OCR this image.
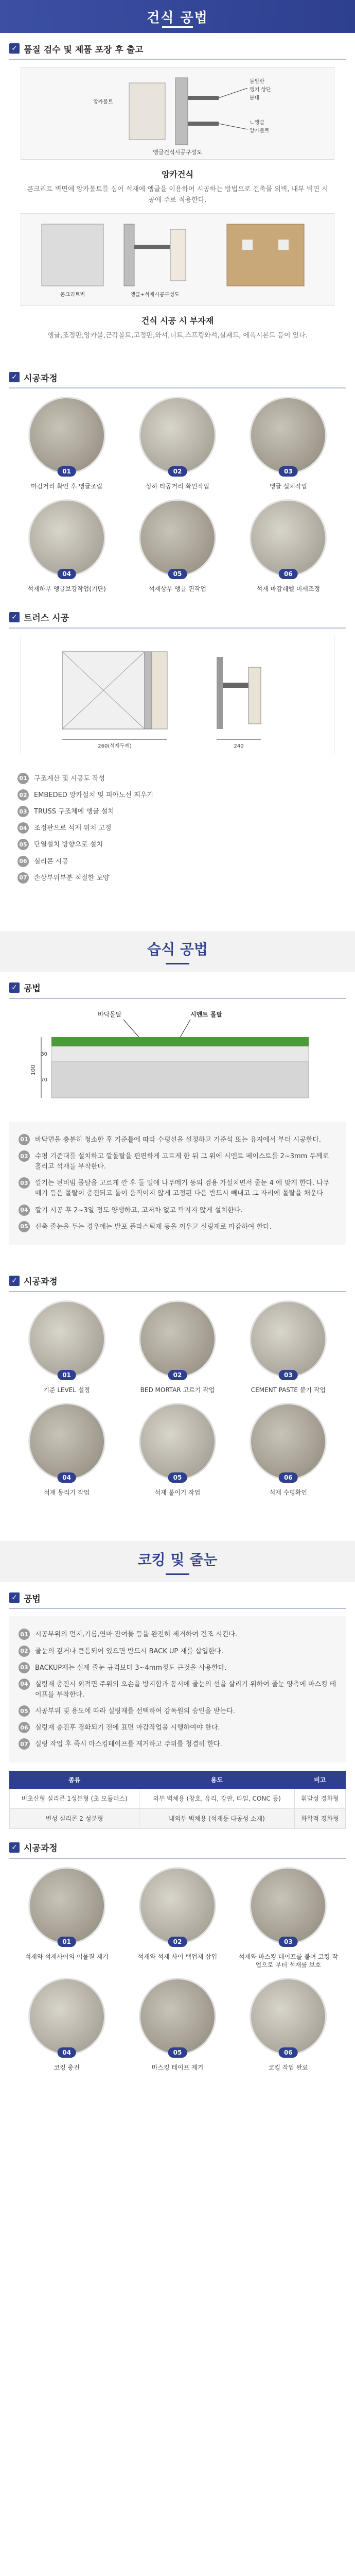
건식 공법
✓ 품질 검수 및 제품 포장 후 출고
돌발판
앵커 상단
분대
앙카볼트
ㄴ앵글
앙카볼트
앵글건식시공구성도
앙카건식
콘크리트 벽면에 앙카볼트를 심어 석재에 앵글을 이용하여 시공하는 방법으로 건축물 외벽, 내부 벽면 시공에 주로 적용한다.
콘크리트벽	앵글+석재시공구성도
건식 시공 시 부자재
앵글,조정판,앙카볼,근각볼트,고정판,와셔,너트,스프링와셔,실패드, 에폭시본드 등이 있다.
✓ 시공과정
01
마감거리 확인 후 앵글조립
02
상하 타공거리 확인작업
03
앵글 설치작업
04
석재하부 앵글보강작업(기단)
05
석재상부 앵글 핀작업
06
석재 마감레벨 미세조정
✓ 트러스 시공
260(석재두께)	240
01 구조계산 및 시공도 작성
02 EMBEDED 앙카설치 및 피아노선 띄우기
03 TRUSS 구조체에 앵글 설치
04 조정판으로 석재 위치 고정
05 단열설치 방향으로 설치
06 실리콘 시공
07 손상부위부분 적절한 보양
습식 공법
✓ 공법
바닥몰탈	시멘트 몰탈
100
30
70
01 바닥면을 충분히 청소한 후 기준틀에 따라 수평선을 설정하고 기준석 또는 유지에서 부터 시공한다.
02 수평 기준대를 설치하고 깔몰탈을 편편하게 고르게 한 뒤 그 위에 시멘트 페이스트를 2~3mm 두께로 홀리고 석재를 부착한다.
03 깔기는 된비빔 몰탈을 고르게 깐 후 둘 일에 나무메기 등의 검용 가설치면서 줄눈 4 에 맞게 한다. 나무 메기 등은 몰탈이 충전되고 돌이 움직이지 않게 고정된 다음 반드시 빼내고 그 자리에 몰탈을 채운다
04 깔기 시공 후 2~3일 정도 양생하고, 고저차 없고 탁지지 않게 설치한다.
05 신축 줄눈을 두는 경우에는 발포 플라스틱재 등을 끼우고 실링재로 마감하여 한다.
✓ 시공과정
01
기준 LEVEL 설정
02
BED MORTAR 고르기 작업
03
CEMENT PASTE 붙기 작업
04
석재 동리기 작업
05
석재 붙이기 작업
06
석재 수평확인
코킹 및 줄눈
✓ 공법
01 시공부위의 먼지,기름,연마 잔여물 등을 완전히 제거하여 건조 시킨다.
02 줄눈의 깊거나 큰틈되어 있으면 반드시 BACK UP 재를 삽입한다.
03 BACKUP재는 실제 줄눈 규격보다 3~4mm정도 큰것을 사용한다.
04 실링재 충진시 외적면 주위의 오손을 방지함과 동시에 줄눈의 선을 살리기 위하여 줄눈 양측에 마스킹 테이프를 부착한다.
05 시공부위 및 용도에 따라 실링재를 선택하여 감독원의 승인을 받는다.
06 실링재 충진후 경화되기 전에 표면 마감작업을 시행하여야 한다.
07 실링 작업 후 즉시 마스킹테이프를 제거하고 주위를 청결히 한다.
종류	용도	비고
비초산형 실리콘 1성분형 (초 모듈러스)	외부 벽체용 (창호, 유리, 강판, 타일, CONC 등)	휘발성 경화형
변성 실리콘 2 성분형	내외부 벽체용 (석재등 다공성 소재)	화학적 경화형
✓ 시공과정
01
석재와 석재사이의 이물질 제거
02
석재와 석재 사이 백업재 삽입
03
석재와 마스킹 테이프를 붙여 코킹 작업으로 부터 석재를 보호
04
코킹 충진
05
마스킹 테이프 제거
06
코킹 작업 완료
